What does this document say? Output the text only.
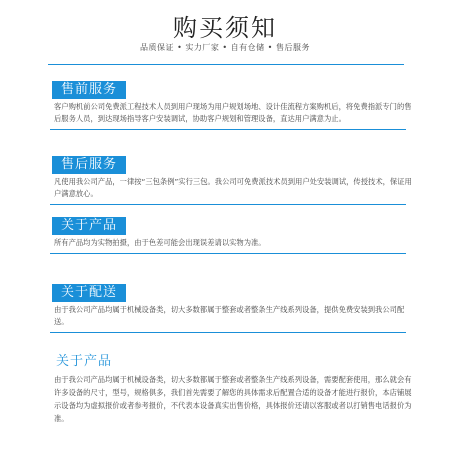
购买须知
品质保证 • 实力厂家 • 自有仓储 • 售后服务
售前服务
客户购机前公司免费派工程技术人员到用户现场为用户规划场地、设计佳流程方案购机后，将免费指派专门的售后服务人员，到达现场指导客户安装调试，协助客户规划和管理设备，直达用户满意为止。
售后服务
凡使用我公司产品，一律按“三包条例”实行三包。我公司可免费派技术员到用户处安装调试，传授技术，保证用户满意放心。
关于产品
所有产品均为实物拍摄，由于色差可能会出现误差请以实物为准。
关于配送
由于我公司产品均属于机械设备类，切大多数都属于整套或者整条生产线系列设备，提供免费安装到我公司配送。
关于产品
由于我公司产品均属于机械设备类，切大多数都属于整套或者整条生产线系列设备，需要配套使用，那么就会有许多设备的尺寸，型号，规格俱多，我们首先需要了解您的具体需求后配置合适的设备才能进行报价，本店铺展示设备均为虚拟报价或者参考报价，不代表本设备真实出售价格，具体报价还请以客服或者以打销售电话报价为准。
